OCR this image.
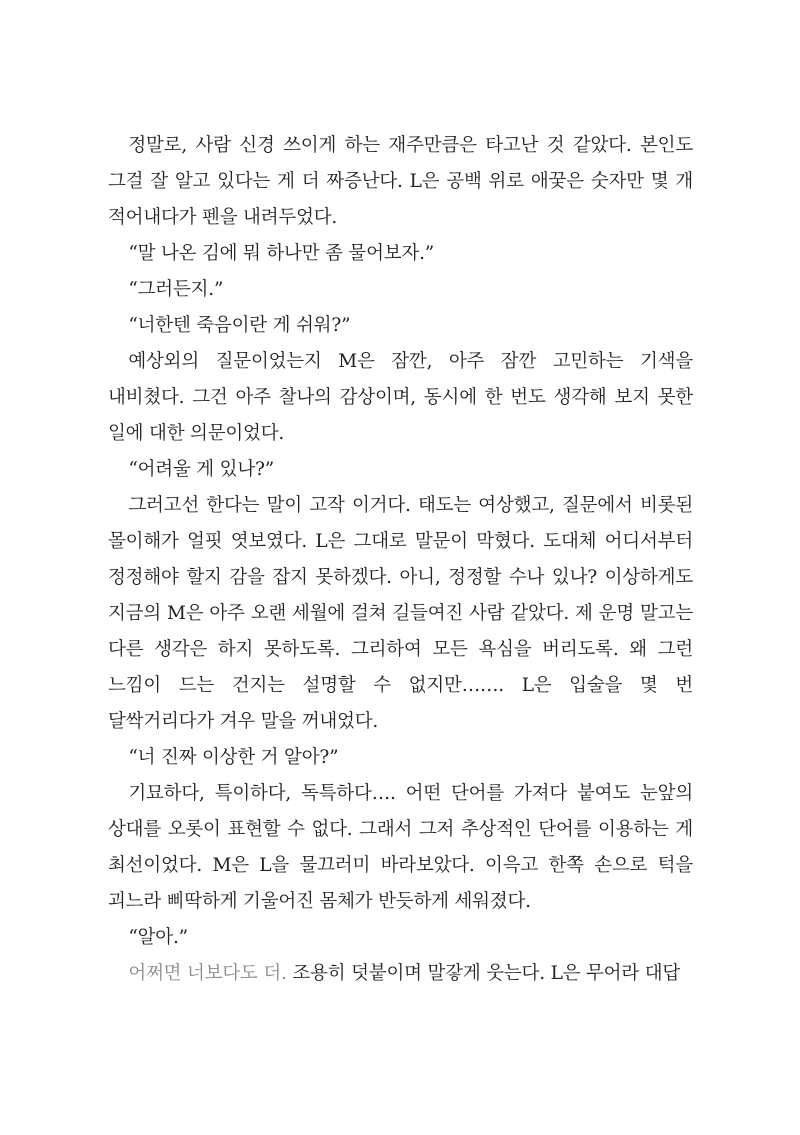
정말로, 사람 신경 쓰이게 하는 재주만큼은 타고난 것 같았다. 본인도 그걸 잘 알고 있다는 게 더 짜증난다. L은 공백 위로 애꿎은 숫자만 몇 개 적어내다가 펜을 내려두었다.

“말 나온 김에 뭐 하나만 좀 물어보자.”

“그러든지.”

“너한텐 죽음이란 게 쉬워?”

예상외의 질문이었는지 M은 잠깐, 아주 잠깐 고민하는 기색을 내비쳤다. 그건 아주 찰나의 감상이며, 동시에 한 번도 생각해 보지 못한 일에 대한 의문이었다.

“어려울 게 있나?”

그러고선 한다는 말이 고작 이거다. 태도는 여상했고, 질문에서 비롯된 몰이해가 얼핏 엿보였다. L은 그대로 말문이 막혔다. 도대체 어디서부터 정정해야 할지 감을 잡지 못하겠다. 아니, 정정할 수나 있나? 이상하게도 지금의 M은 아주 오랜 세월에 걸쳐 길들여진 사람 같았다. 제 운명 말고는 다른 생각은 하지 못하도록. 그리하여 모든 욕심을 버리도록. 왜 그런 느낌이 드는 건지는 설명할 수 없지만……. L은 입술을 몇 번 달싹거리다가 겨우 말을 꺼내었다.

“너 진짜 이상한 거 알아?”

기묘하다, 특이하다, 독특하다…. 어떤 단어를 가져다 붙여도 눈앞의 상대를 오롯이 표현할 수 없다. 그래서 그저 추상적인 단어를 이용하는 게 최선이었다. M은 L을 물끄러미 바라보았다. 이윽고 한쪽 손으로 턱을 괴느라 삐딱하게 기울어진 몸체가 반듯하게 세워졌다.

“알아.”

어쩌면 너보다도 더. 조용히 덧붙이며 말갛게 웃는다. L은 무어라 대답
